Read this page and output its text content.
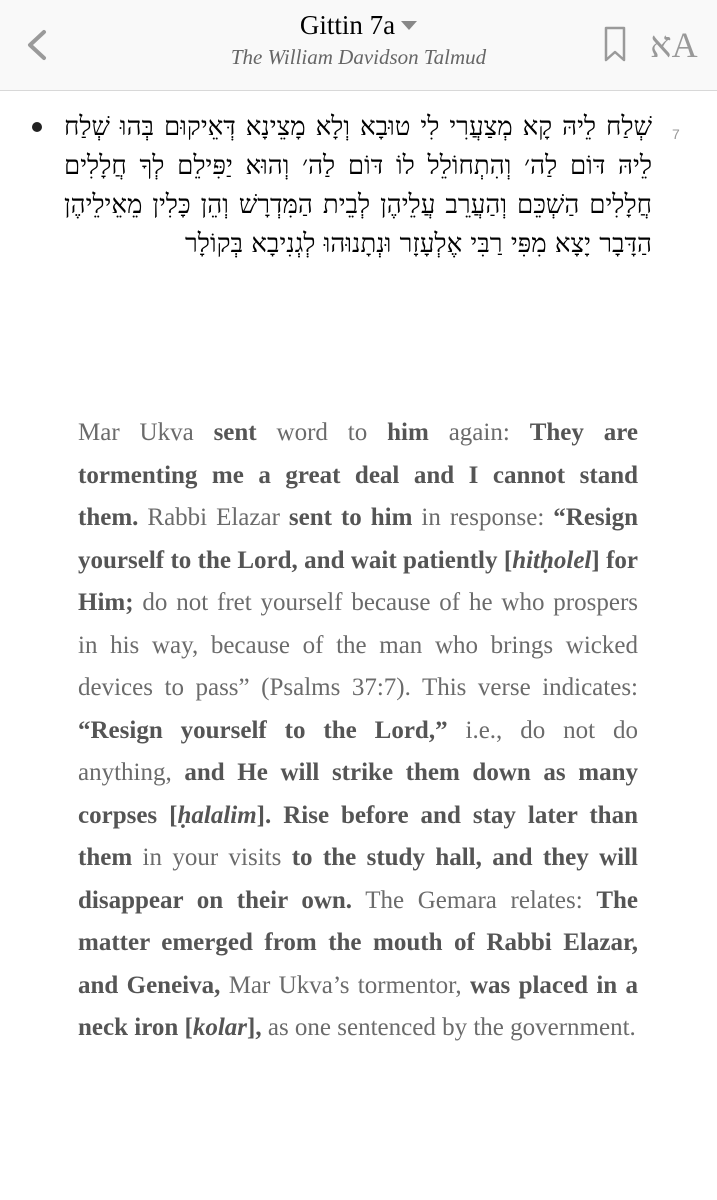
Gittin 7a
The William Davidson Talmud	אA
7
שְׁלַח לֵיהּ קָא מְצַעֲרִי לִי טוּבָא וְלָא מָצֵינָא דְּאֵיקוּם בְּהוּ שְׁלַח לֵיהּ דּוֹם לַה׳ וְהִתְחוֹלֵל לוֹ דּוֹם לַה׳ וְהוּא יַפִּילֵם לְךָ חֲלָלִים חֲלָלִים הַשְׁכֵּם וְהַעֲרֵב עֲלֵיהֶן לְבֵית הַמִּדְרָשׁ וְהֵן כָּלִין מֵאֵילֵיהֶן הַדָּבָר יָצָא מִפִּי רַבִּי אֶלְעָזָר וּנְתָנוּהוּ לְגְנִיבָא בְּקוֹלָר
Mar Ukva sent word to him again: They are tormenting me a great deal and I cannot stand them. Rabbi Elazar sent to him in response: “Resign yourself to the Lord, and wait patiently [hitḥolel] for Him; do not fret yourself because of he who prospers in his way, because of the man who brings wicked devices to pass” (Psalms 37:7). This verse indicates: “Resign yourself to the Lord,” i.e., do not do anything, and He will strike them down as many corpses [ḥalalim]. Rise before and stay later than them in your visits to the study hall, and they will disappear on their own. The Gemara relates: The matter emerged from the mouth of Rabbi Elazar, and Geneiva, Mar Ukva’s tormentor, was placed in a neck iron [kolar], as one sentenced by the government.
